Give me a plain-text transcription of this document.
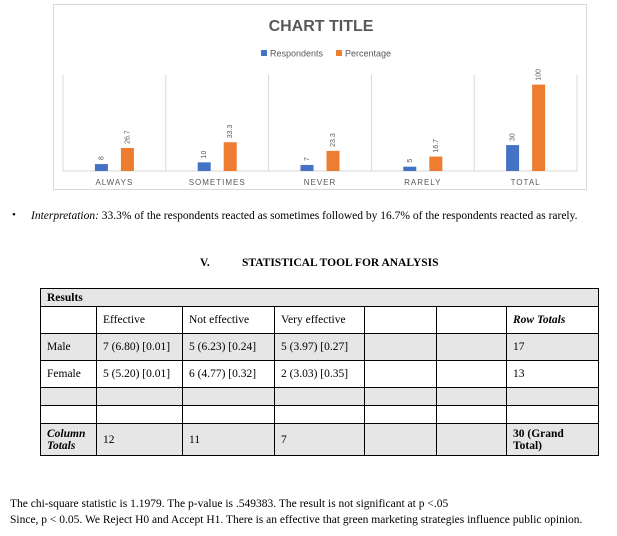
CHART TITLE
Respondents Percentage
8
26.7
ALWAYS
10
33.3
SOMETIMES
7
23.3
NEVER
5
16.7
RARELY
30
100
TOTAL
• Interpretation: 33.3% of the respondents reacted as sometimes followed by 16.7% of the respondents reacted as rarely.
V.	STATISTICAL TOOL FOR ANALYSIS
Results						
	Effective	Not effective	Very effective			Row Totals
Male	7 (6.80) [0.01]	5 (6.23) [0.24]	5 (3.97) [0.27]			17
Female	5 (5.20) [0.01]	6 (4.77) [0.32]	2 (3.03) [0.35]			13

Column Totals	12	11	7			30 (Grand Total)
The chi-square statistic is 1.1979. The p-value is .549383. The result is not significant at p <.05
Since, p < 0.05. We Reject H0 and Accept H1. There is an effective that green marketing strategies influence public opinion.
